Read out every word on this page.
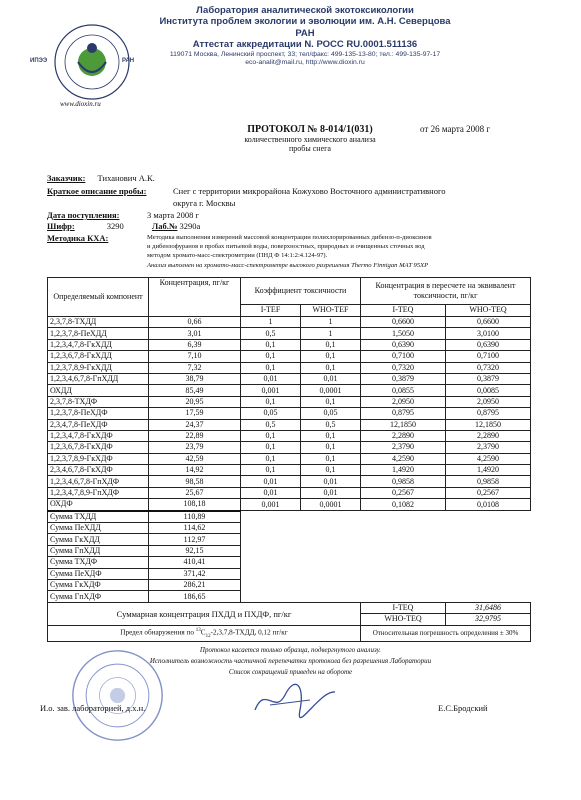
ИПЭЭ	РАН
www.dioxin.ru
Лаборатория аналитической экотоксикологии
Института проблем экологии и эволюции им. А.Н. Северцова РАН
Аттестат аккредитации N. РОСС RU.0001.511136
119071 Москва, Ленинский проспект, 33; тел/факс: 499-135-13-80; тел.: 499-135-97-17
eco-analit@mail.ru, http://www.dioxin.ru
ПРОТОКОЛ № 8-014/1(031)
количественного химического анализа
пробы снега
от 26 марта 2008 г
Заказчик: Тиханович А.К.
Краткое описание пробы:	Снег с территории микрорайона Кожухово Восточного административного
округа г. Москвы
Дата поступления:	3 марта 2008 г
Шифр:	3290	Лаб.№ 3290а
Методика КХА:	Методика выполнения измерений массовой концентрации полихлорированных дибензо-п-диоксинов
и дибензофуранов в пробах питьевой воды, поверхностных, природных и очищенных сточных вод
методом хромато-масс-спектрометрии (ПНД Ф 14:1:2:4.124-97).
Анализ выполнен на хромато-масс-спектрометре высокого разрешения Thermo Finnigan MAT 95XP
Определяемый компонент	Концентрация, пг/кг	Коэффициент токсичности		Концентрация в пересчете на эквивалент токсичности, пг/кг	
		I-TEF	WHO-TEF	I-TEQ	WHO-TEQ
2,3,7,8-ТХДД	0,66	1	1	0,6600	0,6600
1,2,3,7,8-ПеХДД	3,01	0,5	1	1,5050	3,0100
1,2,3,4,7,8-ГкХДД	6,39	0,1	0,1	0,6390	0,6390
1,2,3,6,7,8-ГкХДД	7,10	0,1	0,1	0,7100	0,7100
1,2,3,7,8,9-ГкХДД	7,32	0,1	0,1	0,7320	0,7320
1,2,3,4,6,7,8-ГпХДД	38,79	0,01	0,01	0,3879	0,3879
ОХДД	85,49	0,001	0,0001	0,0855	0,0085
2,3,7,8-ТХДФ	20,95	0,1	0,1	2,0950	2,0950
1,2,3,7,8-ПеХДФ	17,59	0,05	0,05	0,8795	0,8795
2,3,4,7,8-ПеХДФ	24,37	0,5	0,5	12,1850	12,1850
1,2,3,4,7,8-ГкХДФ	22,89	0,1	0,1	2,2890	2,2890
1,2,3,6,7,8-ГкХДФ	23,79	0,1	0,1	2,3790	2,3790
1,2,3,7,8,9-ГкХДФ	42,59	0,1	0,1	4,2590	4,2590
2,3,4,6,7,8-ГкХДФ	14,92	0,1	0,1	1,4920	1,4920
1,2,3,4,6,7,8-ГпХДФ	98,58	0,01	0,01	0,9858	0,9858
1,2,3,4,7,8,9-ГпХДФ	25,67	0,01	0,01	0,2567	0,2567
ОХДФ	108,18	0,001	0,0001	0,1082	0,0108
Сумма ТХДД	110,89				
Сумма ПеХДД	114,62				
Сумма ГкХДД	112,97				
Сумма ГпХДД	92,15				
Сумма ТХДФ	410,41				
Сумма ПеХДФ	371,42				
Сумма ГкХДФ	286,21				
Сумма ГпХДФ	186,65				
Суммарная концентрация ПХДД и ПХДФ, пг/кг				I-TEQ	31,6486
				WHO-TEQ	32,9795
Предел обнаружения по $^{13}C_{12}-2,3,7,8$-ТХДД, 0,12 пг/кг				Относительная погрешность определения ± 30%	
Протокол касается только образца, подвергнутого анализу.
Исполнитель возможность частичной перепечатки протокола без разрешения Лаборатории
Список сокращений приведен на обороте
И.о. зав. лабораторией, д.х.н.	Е.С.Бродский
